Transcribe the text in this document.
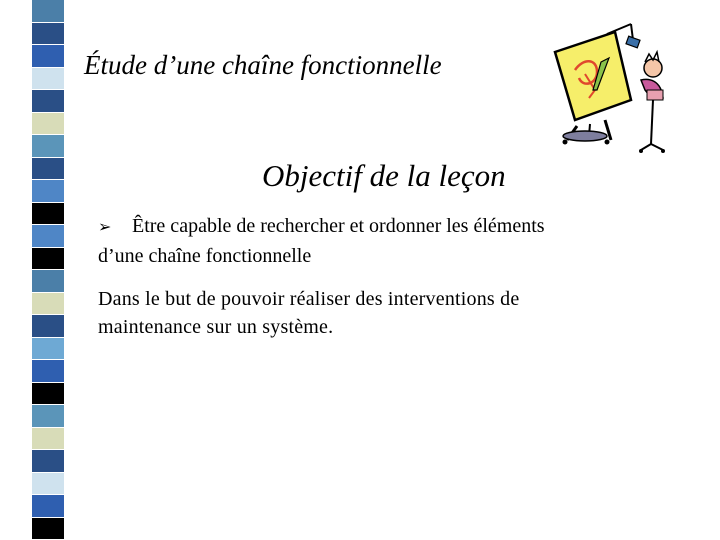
Étude d’une chaîne fonctionnelle
Objectif de la leçon
➢ Être capable de rechercher et ordonner les éléments
d’une chaîne fonctionnelle
Dans le but de pouvoir réaliser des interventions de
maintenance sur un système.
